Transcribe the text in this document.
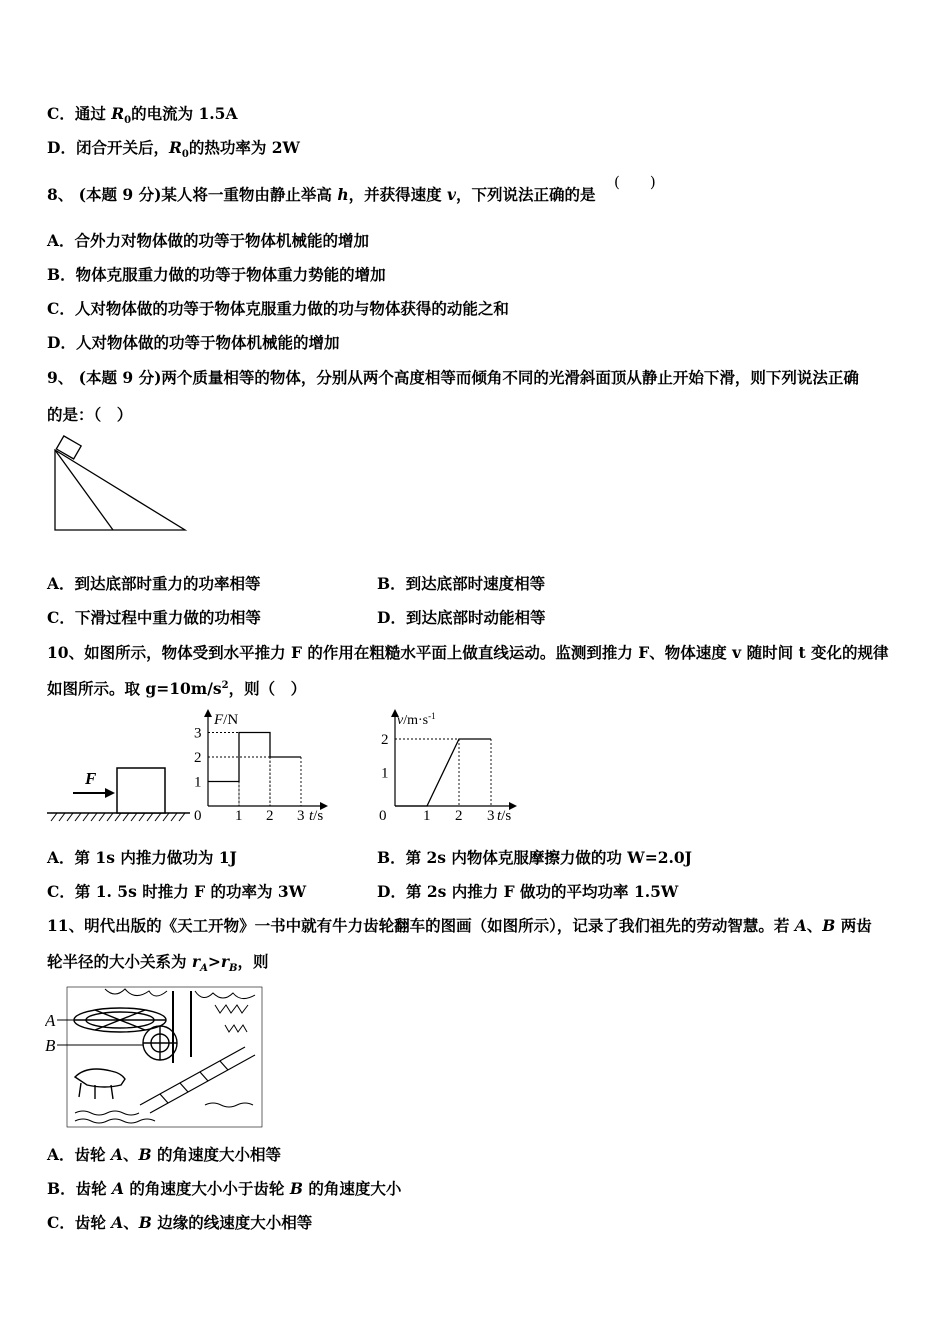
C．通过 $R_0$的电流为 1.5A
D．闭合开关后，$R_0$的热功率为 2W
8、 (本题 9 分)某人将一重物由静止举高 h，并获得速度 v，下列说法正确的是
(　　)
A．合外力对物体做的功等于物体机械能的增加
B．物体克服重力做的功等于物体重力势能的增加
C．人对物体做的功等于物体克服重力做的功与物体获得的动能之和
D．人对物体做的功等于物体机械能的增加
9、 (本题 9 分)两个质量相等的物体，分别从两个高度相等而倾角不同的光滑斜面顶从静止开始下滑，则下列说法正确
的是：（　）
A．到达底部时重力的功率相等	B．到达底部时速度相等
C．下滑过程中重力做的功相等	D．到达底部时动能相等
10、如图所示，物体受到水平推力 F 的作用在粗糙水平面上做直线运动。监测到推力 F、物体速度 v 随时间 t 变化的规律
如图所示。取 $g=10m/s^2$，则（　）
F	1
2
3
1 2 3
0
F/N
t/s
1
2
1 2 3
0
$v/m\cdot s^{-1}$
t/s
A．第 1s 内推力做功为 1J	B．第 2s 内物体克服摩擦力做的功 W=2.0J
C．第 1. 5s 时推力 F 的功率为 3W	D．第 2s 内推力 F 做功的平均功率 1.5W
11、明代出版的《天工开物》一书中就有牛力齿轮翻车的图画（如图所示），记录了我们祖先的劳动智慧。若 A、B 两齿
轮半径的大小关系为 $r_A>r_B$，则
A
B
A．齿轮 A、B 的角速度大小相等
B．齿轮 A 的角速度大小小于齿轮 B 的角速度大小
C．齿轮 A、B 边缘的线速度大小相等
